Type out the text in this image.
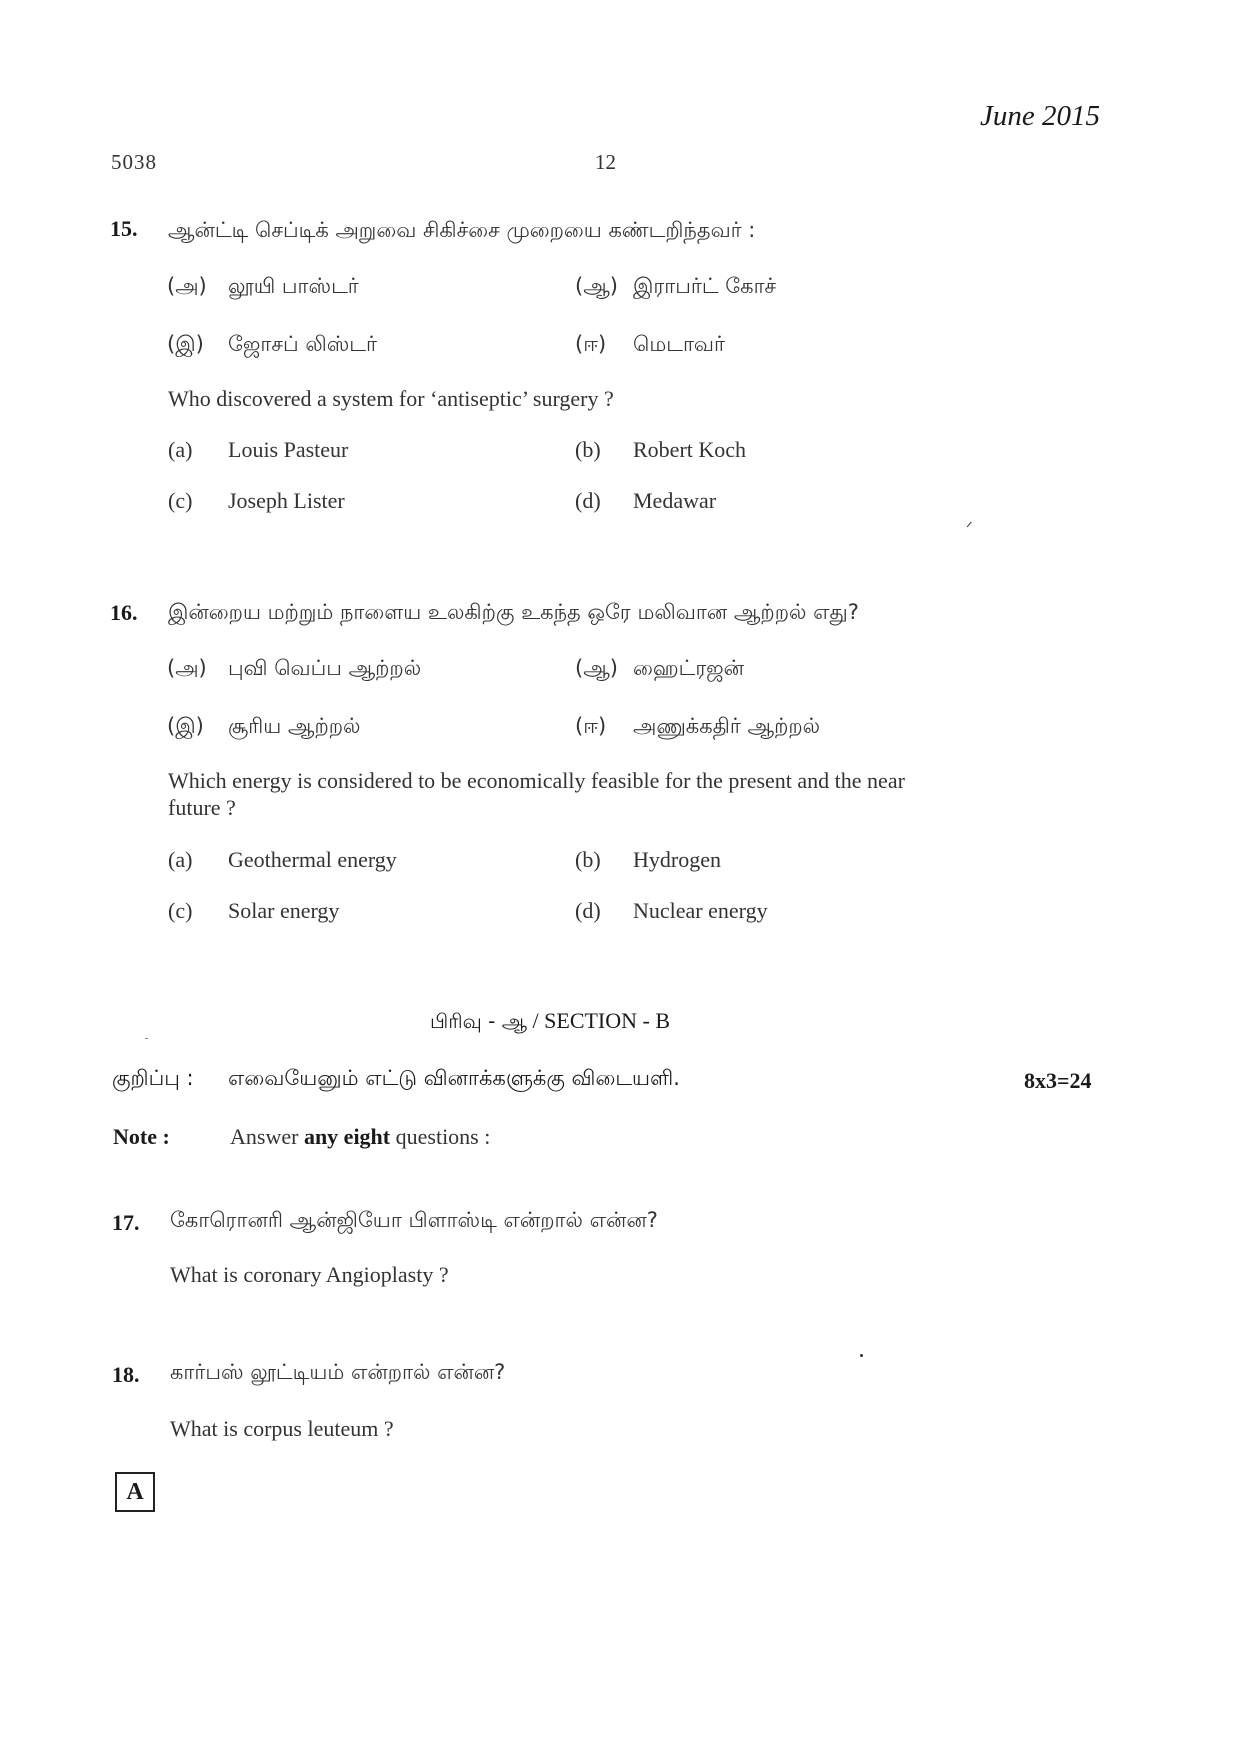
June 2015
5038	12
15. ஆன்ட்டி செப்டிக் அறுவை சிகிச்சை முறையை கண்டறிந்தவர் :
(அ) லூயி பாஸ்டர்	(ஆ) இராபர்ட் கோச்
(இ) ஜோசப் லிஸ்டர்	(ஈ) மெடாவர்
Who discovered a system for ‘antiseptic’ surgery ?
(a) Louis Pasteur	(b) Robert Koch
(c) Joseph Lister	(d) Medawar
ᐟ
16. இன்றைய மற்றும் நாளைய உலகிற்கு உகந்த ஒரே மலிவான ஆற்றல் எது?
(அ) புவி வெப்ப ஆற்றல்	(ஆ) ஹைட்ரஜன்
(இ) சூரிய ஆற்றல்	(ஈ) அணுக்கதிர் ஆற்றல்
Which energy is considered to be economically feasible for the present and the near
future ?
(a) Geothermal energy	(b) Hydrogen
(c) Solar energy	(d) Nuclear energy
பிரிவு - ஆ / SECTION - B
குறிப்பு : எவையேனும் எட்டு வினாக்களுக்கு விடையளி.	8x3=24
Note :	Answer any eight questions :
17. கோரொனரி ஆன்ஜியோ பிளாஸ்டி என்றால் என்ன?
What is coronary Angioplasty ?
18. கார்பஸ் லூட்டியம் என்றால் என்ன?
What is corpus leuteum ?
A
